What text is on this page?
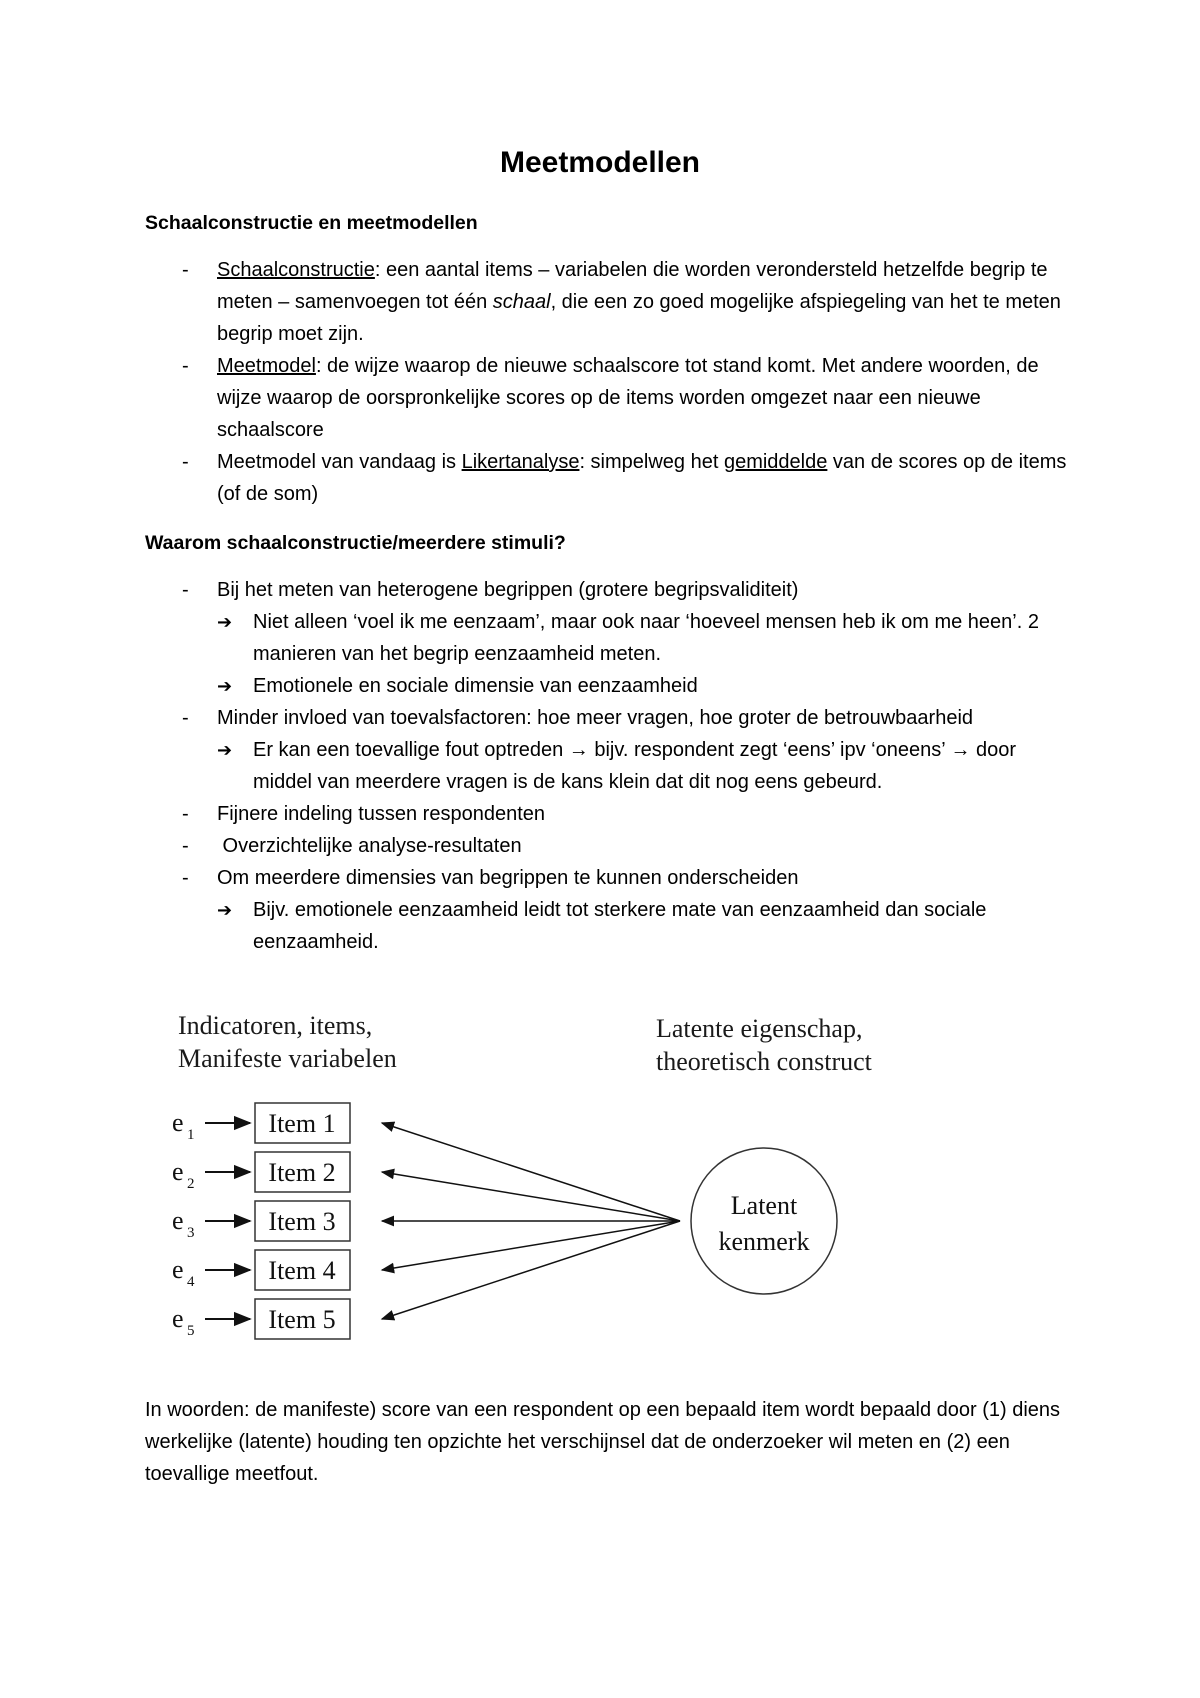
Meetmodellen
Schaalconstructie en meetmodellen
- Schaalconstructie: een aantal items – variabelen die worden verondersteld hetzelfde begrip te meten – samenvoegen tot één schaal, die een zo goed mogelijke afspiegeling van het te meten begrip moet zijn.
- Meetmodel: de wijze waarop de nieuwe schaalscore tot stand komt. Met andere woorden, de wijze waarop de oorspronkelijke scores op de items worden omgezet naar een nieuwe schaalscore
- Meetmodel van vandaag is Likertanalyse: simpelweg het gemiddelde van de scores op de items (of de som)
Waarom schaalconstructie/meerdere stimuli?
- Bij het meten van heterogene begrippen (grotere begripsvaliditeit)
➔ Niet alleen ‘voel ik me eenzaam’, maar ook naar ‘hoeveel mensen heb ik om me heen’. 2 manieren van het begrip eenzaamheid meten.
➔ Emotionele en sociale dimensie van eenzaamheid
- Minder invloed van toevalsfactoren: hoe meer vragen, hoe groter de betrouwbaarheid
➔ Er kan een toevallige fout optreden → bijv. respondent zegt ‘eens’ ipv ‘oneens’ → door middel van meerdere vragen is de kans klein dat dit nog eens gebeurd.
- Fijnere indeling tussen respondenten
- Overzichtelijke analyse-resultaten
- Om meerdere dimensies van begrippen te kunnen onderscheiden
➔ Bijv. emotionele eenzaamheid leidt tot sterkere mate van eenzaamheid dan sociale eenzaamheid.
Indicatoren, items,
Manifeste variabelen
Latente eigenschap,
theoretisch construct
e 1	Item 1
e 2	Item 2
e 3	Item 3
e 4	Item 4
e 5	Item 5
Latent
kenmerk

In woorden: de manifeste) score van een respondent op een bepaald item wordt bepaald door (1) diens werkelijke (latente) houding ten opzichte het verschijnsel dat de onderzoeker wil meten en (2) een toevallige meetfout.
